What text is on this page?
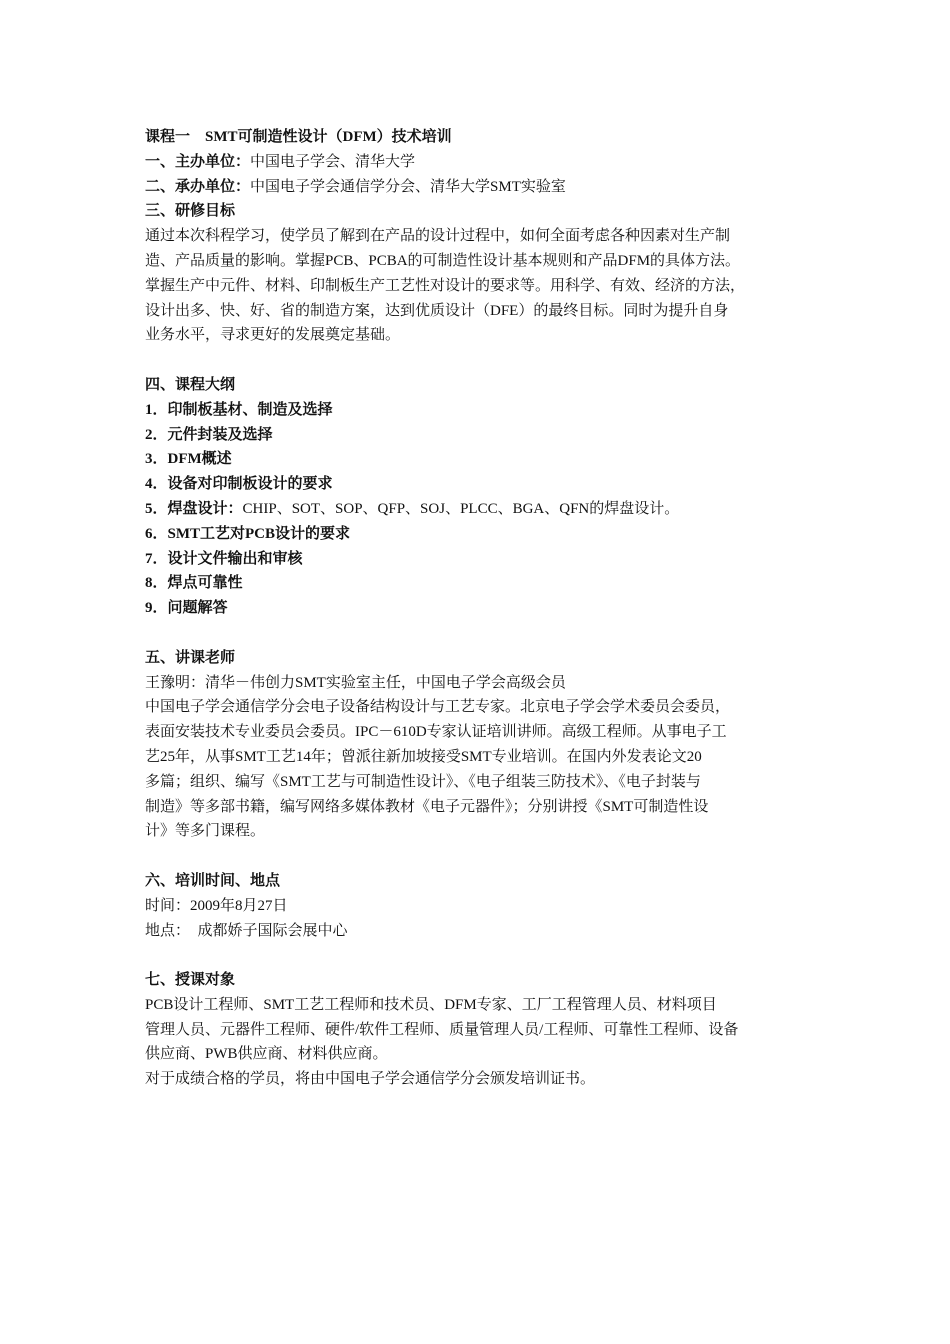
课程一　SMT可制造性设计（DFM）技术培训
一、主办单位：中国电子学会、清华大学
二、承办单位：中国电子学会通信学分会、清华大学SMT实验室
三、研修目标
通过本次科程学习，使学员了解到在产品的设计过程中，如何全面考虑各种因素对生产制
造、产品质量的影响。掌握PCB、PCBA的可制造性设计基本规则和产品DFM的具体方法。
掌握生产中元件、材料、印制板生产工艺性对设计的要求等。用科学、有效、经济的方法，
设计出多、快、好、省的制造方案，达到优质设计（DFE）的最终目标。同时为提升自身
业务水平，寻求更好的发展奠定基础。
四、课程大纲
1．印制板基材、制造及选择
2．元件封装及选择
3．DFM概述
4．设备对印制板设计的要求
5．焊盘设计：CHIP、SOT、SOP、QFP、SOJ、PLCC、BGA、QFN的焊盘设计。
6．SMT工艺对PCB设计的要求
7．设计文件输出和审核
8．焊点可靠性
9．问题解答
五、讲课老师
王豫明：清华－伟创力SMT实验室主任，中国电子学会高级会员
中国电子学会通信学分会电子设备结构设计与工艺专家。北京电子学会学术委员会委员，
表面安装技术专业委员会委员。IPC－610D专家认证培训讲师。高级工程师。从事电子工
艺25年，从事SMT工艺14年；曾派往新加坡接受SMT专业培训。在国内外发表论文20
多篇；组织、编写《SMT工艺与可制造性设计》、《电子组装三防技术》、《电子封装与
制造》等多部书籍，编写网络多媒体教材《电子元器件》；分别讲授《SMT可制造性设
计》等多门课程。
六、培训时间、地点
时间：2009年8月27日
地点：　成都娇子国际会展中心
七、授课对象
PCB设计工程师、SMT工艺工程师和技术员、DFM专家、工厂工程管理人员、材料项目
管理人员、元器件工程师、硬件/软件工程师、质量管理人员/工程师、可靠性工程师、设备
供应商、PWB供应商、材料供应商。
对于成绩合格的学员，将由中国电子学会通信学分会颁发培训证书。
